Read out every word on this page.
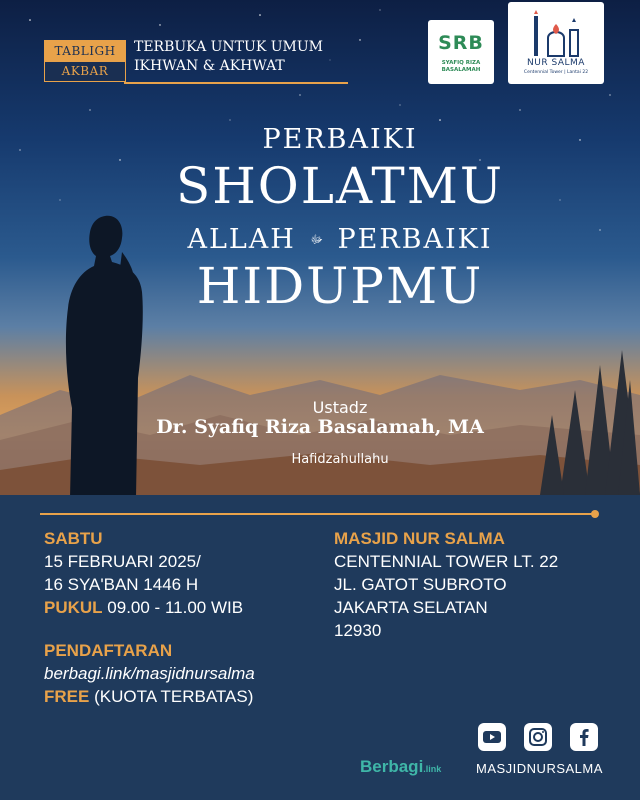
TABLIGH
AKBAR
TERBUKA UNTUK UMUM
IKHWAN & AKHWAT
SRB
SYAFIQ RIZA
BASALAMAH
NUR SALMA
Centennial Tower | Lantai 22
PERBAIKI
SHOLATMU
ALLAH ﷻ PERBAIKI
HIDUPMU
Ustadz
Dr. Syafiq Riza Basalamah, MA
Hafidzahullahu
SABTU
15 FEBRUARI 2025/
16 SYA'BAN 1446 H
PUKUL 09.00 - 11.00 WIB
PENDAFTARAN
berbagi.link/masjidnursalma
FREE (KUOTA TERBATAS)
MASJID NUR SALMA
CENTENNIAL TOWER LT. 22
JL. GATOT SUBROTO
JAKARTA SELATAN
12930
Berbagi.link	MASJIDNURSALMA
